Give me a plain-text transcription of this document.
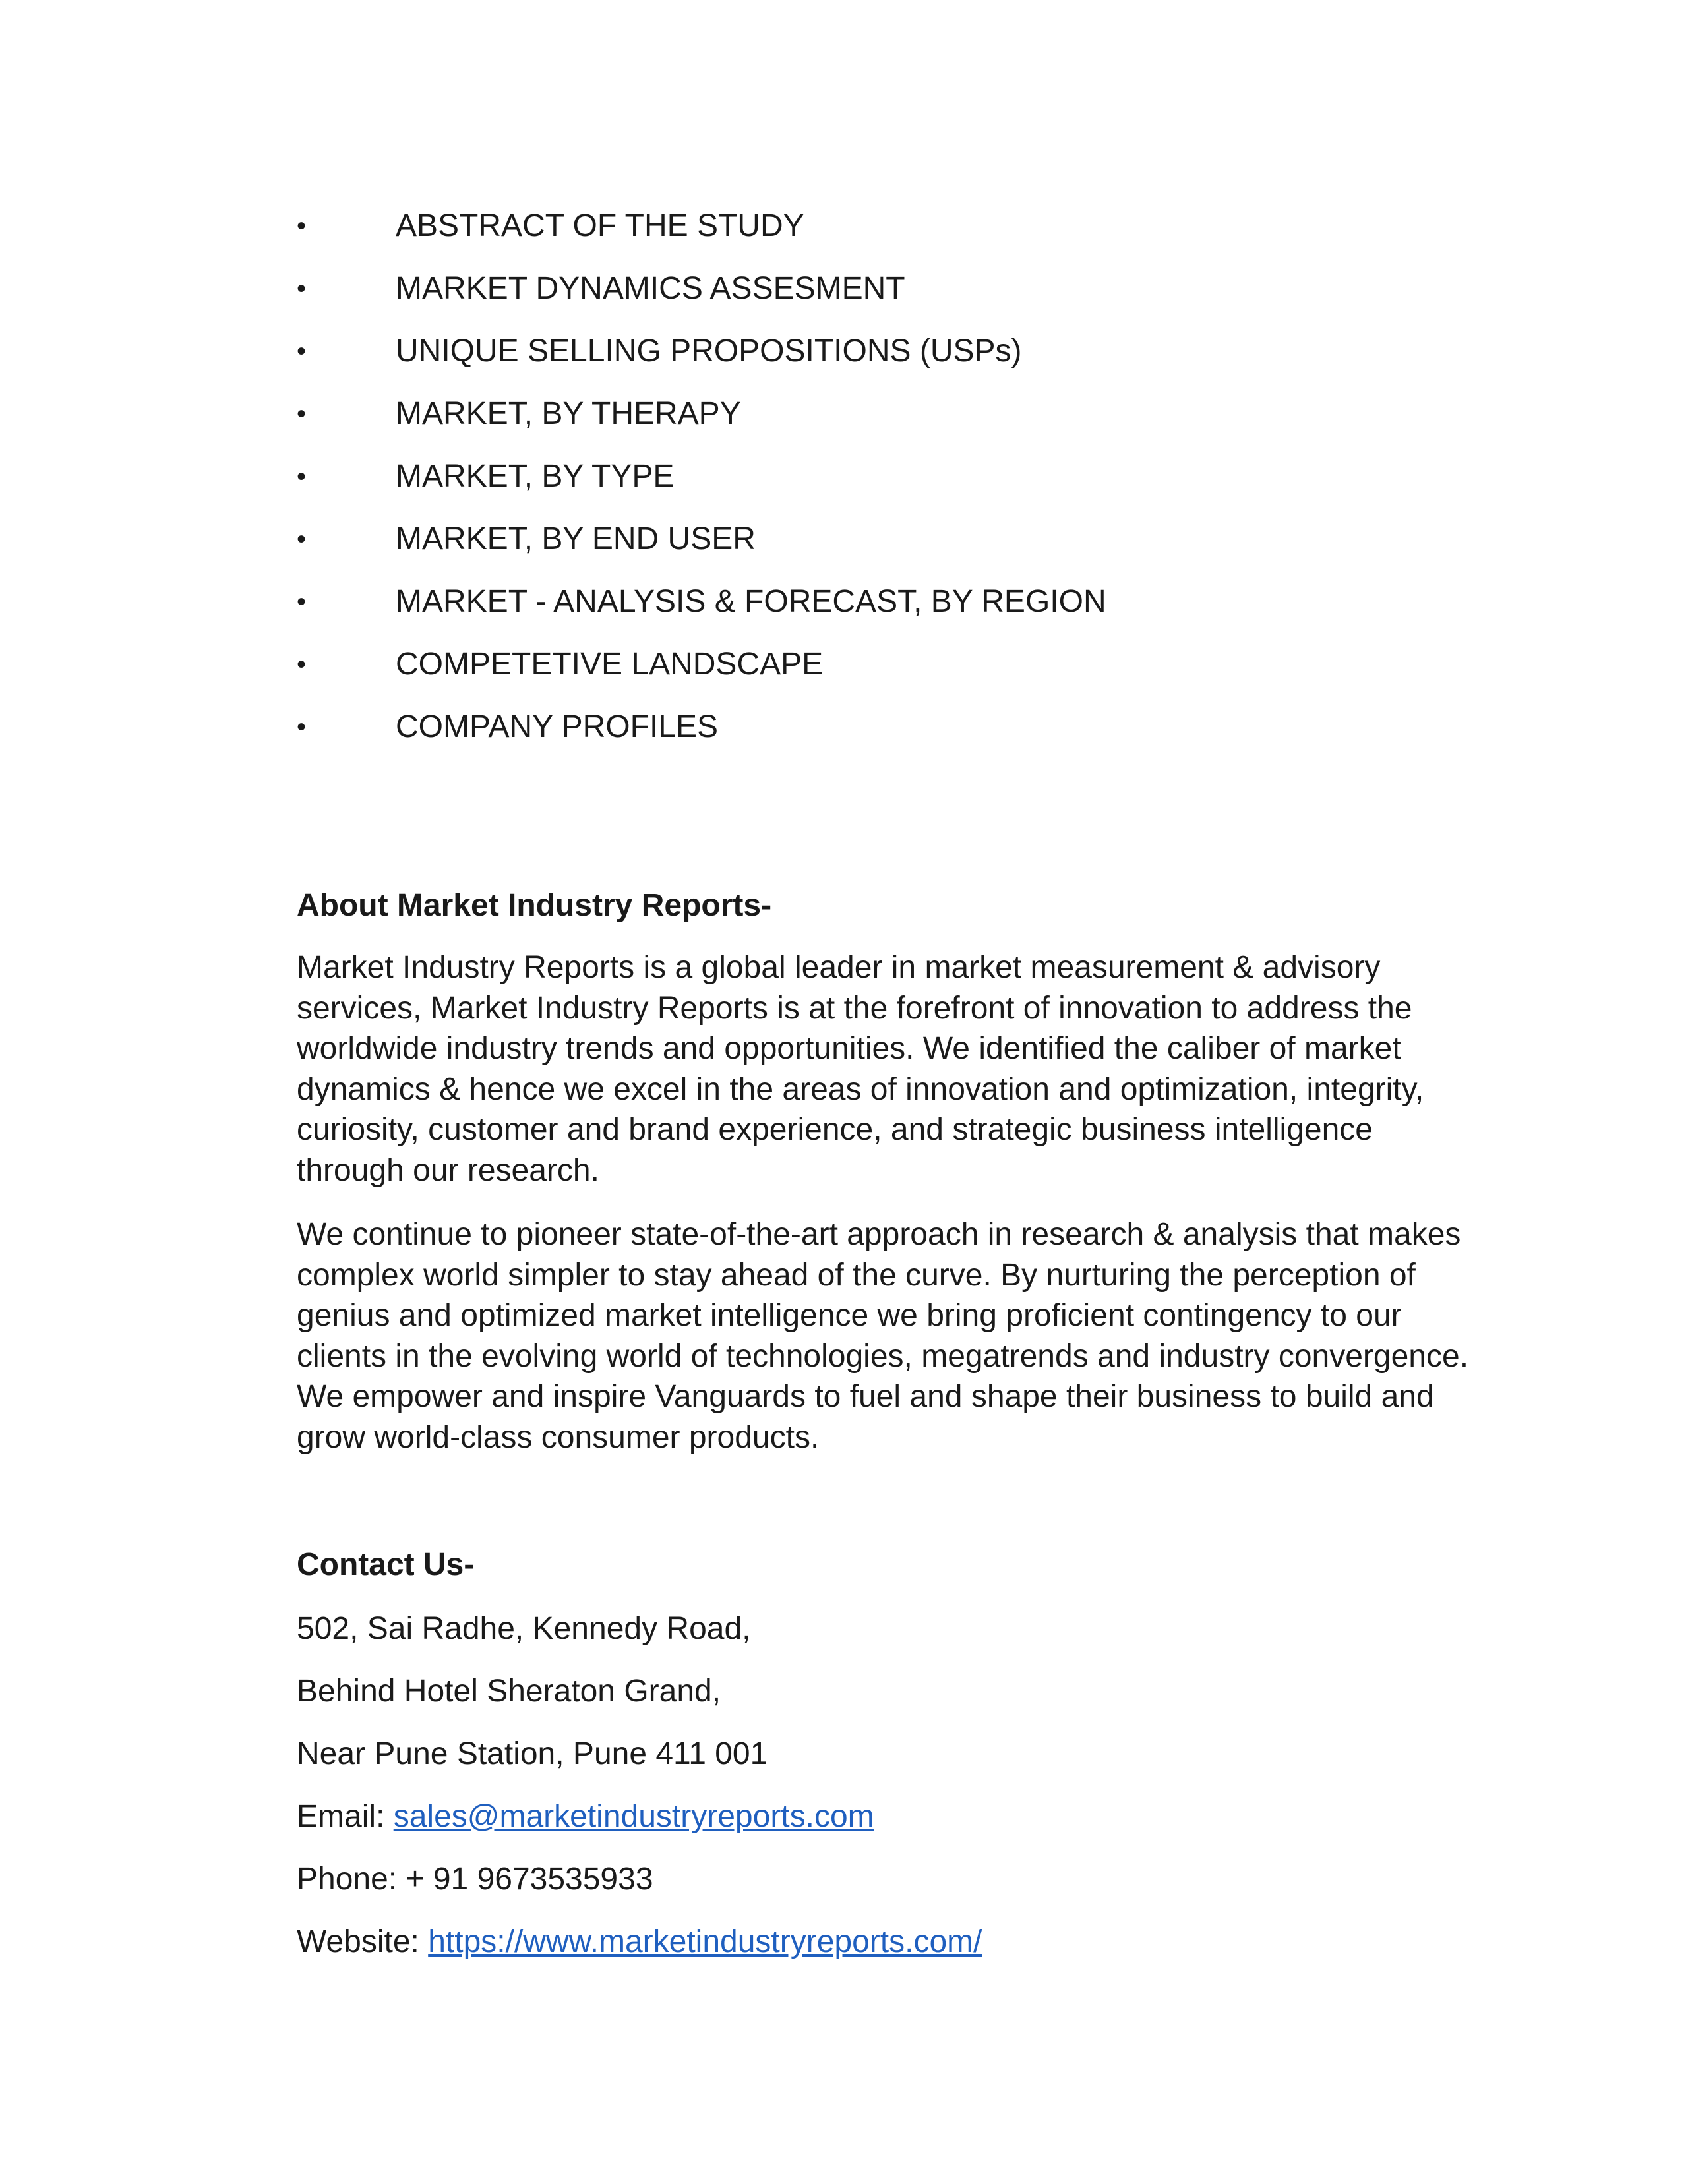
•	ABSTRACT OF THE STUDY
•	MARKET DYNAMICS ASSESMENT
•	UNIQUE SELLING PROPOSITIONS (USPs)
•	MARKET, BY THERAPY
•	MARKET, BY TYPE
•	MARKET, BY END USER
•	MARKET - ANALYSIS & FORECAST, BY REGION
•	COMPETETIVE LANDSCAPE
•	COMPANY PROFILES
About Market Industry Reports-

Market Industry Reports is a global leader in market measurement & advisory services, Market Industry Reports is at the forefront of innovation to address the worldwide industry trends and opportunities. We identified the caliber of market dynamics & hence we excel in the areas of innovation and optimization, integrity, curiosity, customer and brand experience, and strategic business intelligence through our research.

We continue to pioneer state-of-the-art approach in research & analysis that makes complex world simpler to stay ahead of the curve. By nurturing the perception of genius and optimized market intelligence we bring proficient contingency to our clients in the evolving world of technologies, megatrends and industry convergence. We empower and inspire Vanguards to fuel and shape their business to build and grow world-class consumer products.

Contact Us-
502, Sai Radhe, Kennedy Road,
Behind Hotel Sheraton Grand,
Near Pune Station, Pune 411 001
Email: sales@marketindustryreports.com
Phone: + 91 9673535933
Website: https://www.marketindustryreports.com/
